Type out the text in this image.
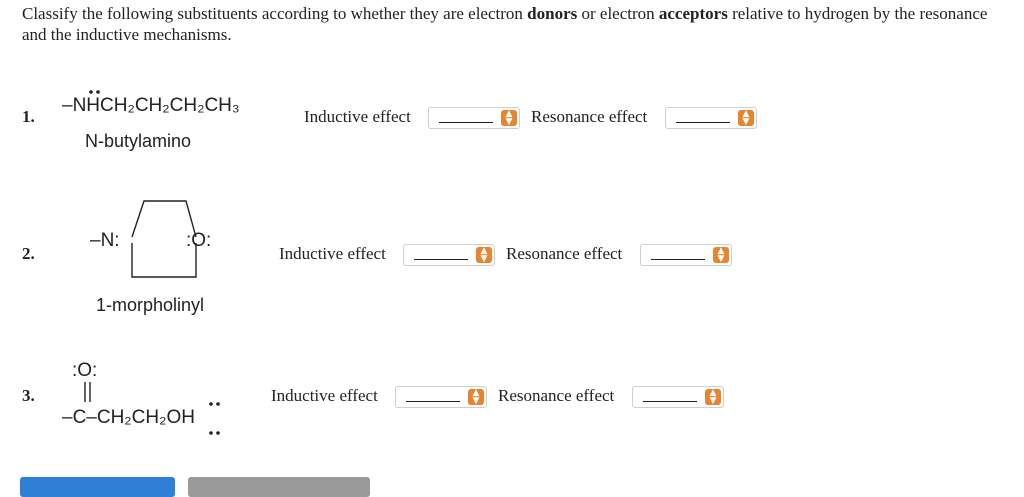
Classify the following substituents according to whether they are electron donors or electron acceptors relative to hydrogen by the resonance and the inductive mechanisms.
1.
–NHCH₂CH₂CH₂CH₃
N-butylamino
Inductive effect	▲
▼ Resonance effect	▲
▼
2.
–N:	:O:
1-morpholinyl
Inductive effect	▲
▼ Resonance effect	▲
▼
3.
:O:
–C–CH₂CH₂OH
Inductive effect	▲
▼ Resonance effect	▲
▼
